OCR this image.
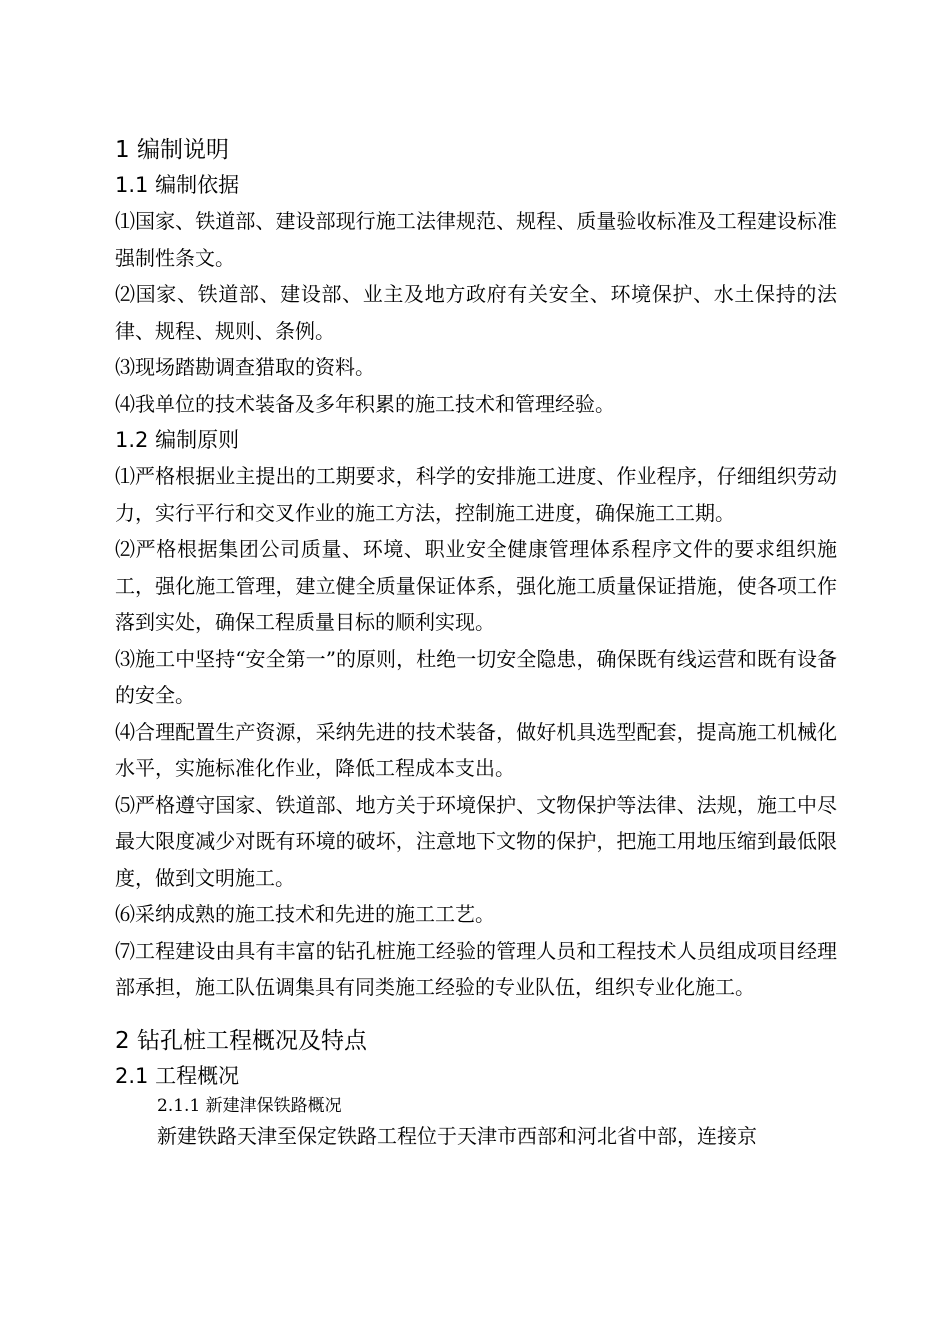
1 编制说明
1.1 编制依据

⑴国家、铁道部、建设部现行施工法律规范、规程、质量验收标准及工程建设标准强制性条文。

⑵国家、铁道部、建设部、业主及地方政府有关安全、环境保护、水土保持的法律、规程、规则、条例。

⑶现场踏勘调查猎取的资料。

⑷我单位的技术装备及多年积累的施工技术和管理经验。

1.2 编制原则

⑴严格根据业主提出的工期要求，科学的安排施工进度、作业程序，仔细组织劳动力，实行平行和交叉作业的施工方法，控制施工进度，确保施工工期。

⑵严格根据集团公司质量、环境、职业安全健康管理体系程序文件的要求组织施工，强化施工管理，建立健全质量保证体系，强化施工质量保证措施，使各项工作落到实处，确保工程质量目标的顺利实现。

⑶施工中坚持“安全第一”的原则，杜绝一切安全隐患，确保既有线运营和既有设备的安全。

⑷合理配置生产资源，采纳先进的技术装备，做好机具选型配套，提高施工机械化水平，实施标准化作业，降低工程成本支出。

⑸严格遵守国家、铁道部、地方关于环境保护、文物保护等法律、法规，施工中尽最大限度减少对既有环境的破坏，注意地下文物的保护，把施工用地压缩到最低限度，做到文明施工。

⑹采纳成熟的施工技术和先进的施工工艺。

⑺工程建设由具有丰富的钻孔桩施工经验的管理人员和工程技术人员组成项目经理部承担，施工队伍调集具有同类施工经验的专业队伍，组织专业化施工。

2 钻孔桩工程概况及特点
2.1 工程概况

2.1.1 新建津保铁路概况

新建铁路天津至保定铁路工程位于天津市西部和河北省中部，连接京
